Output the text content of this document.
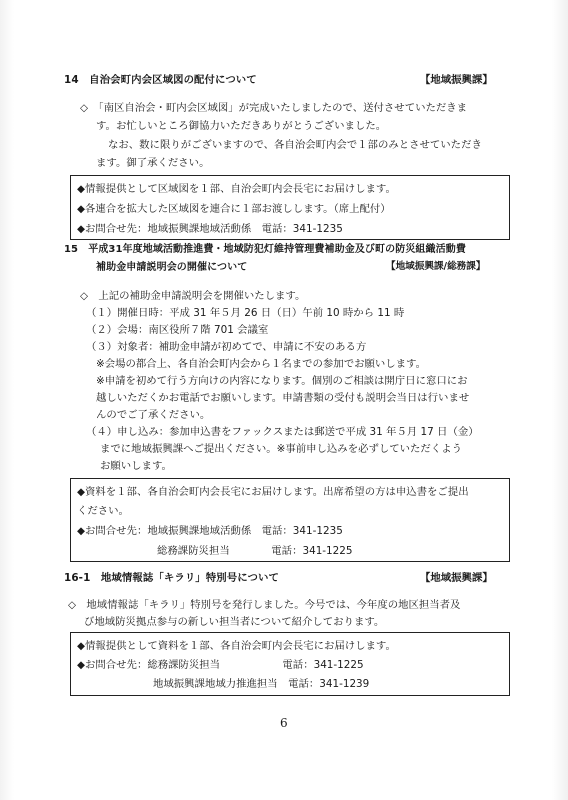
14　自治会町内会区域図の配付について	【地域振興課】
◇　「南区自治会・町内会区域図」が完成いたしましたので、送付させていただきま
す。お忙しいところ御協力いただきありがとうございました。
なお、数に限りがございますので、各自治会町内会で１部のみとさせていただき
ます。御了承ください。
◆情報提供として区域図を１部、自治会町内会長宅にお届けします。
◆各連合を拡大した区域図を連合に１部お渡しします。（席上配付）
◆お問合せ先：地域振興課地域活動係　電話：341-1235
15　平成31年度地域活動推進費・地域防犯灯維持管理費補助金及び町の防災組織活動費
補助金申請説明会の開催について	【地域振興課/総務課】
◇　上記の補助金申請説明会を開催いたします。
（１）開催日時：平成 31 年５月 26 日（日）午前 10 時から 11 時
（２）会場：南区役所７階 701 会議室
（３）対象者：補助金申請が初めてで、申請に不安のある方
※会場の都合上、各自治会町内会から１名までの参加でお願いします。
※申請を初めて行う方向けの内容になります。個別のご相談は開庁日に窓口にお
越しいただくかお電話でお願いします。申請書類の受付も説明会当日は行いませ
んのでご了承ください。
（４）申し込み：参加申込書をファックスまたは郵送で平成 31 年５月 17 日（金）
までに地域振興課へご提出ください。※事前申し込みを必ずしていただくよう
お願いします。
◆資料を１部、各自治会町内会長宅にお届けします。出席希望の方は申込書をご提出
ください。
◆お問合せ先：地域振興課地域活動係　電話：341-1235
総務課防災担当　　　　電話：341-1225
16-1　地域情報誌「キラリ」特別号について	【地域振興課】
◇　地域情報誌「キラリ」特別号を発行しました。今号では、今年度の地区担当者及
び地域防災拠点参与の新しい担当者について紹介しております。
◆情報提供として資料を１部、各自治会町内会長宅にお届けします。
◆お問合せ先：総務課防災担当　　　　　　電話：341-1225
地域振興課地域力推進担当　電話：341-1239
6
